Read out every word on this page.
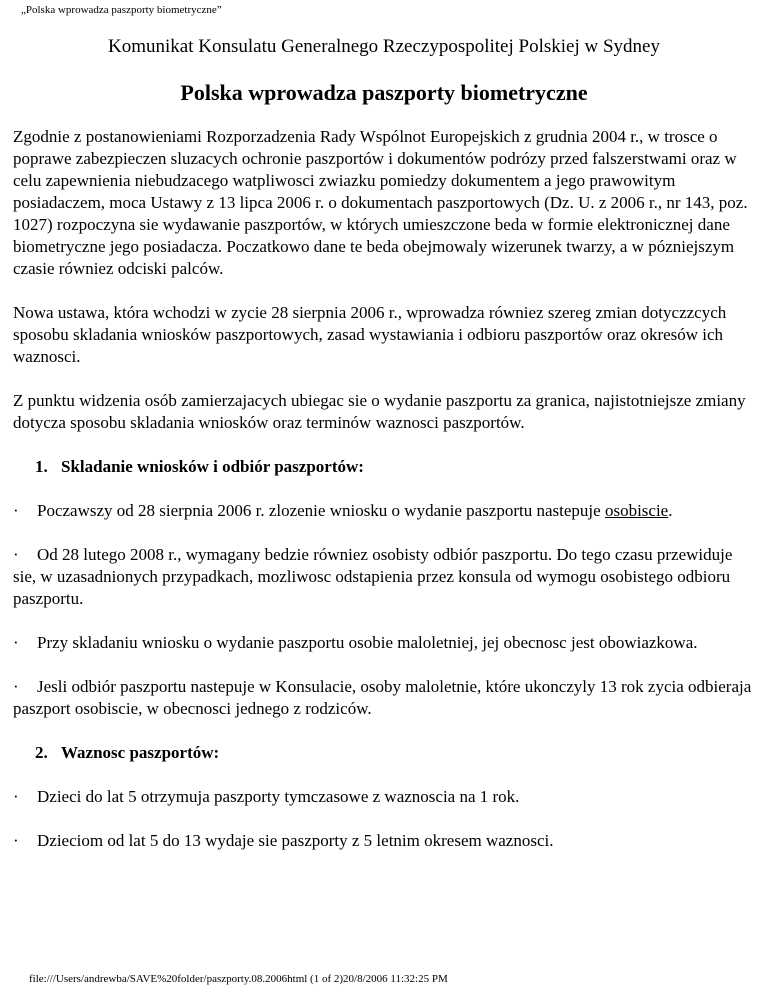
„Polska wprowadza paszporty biometryczne”
Komunikat Konsulatu Generalnego Rzeczypospolitej Polskiej w Sydney
Polska wprowadza paszporty biometryczne

Zgodnie z postanowieniami Rozporzadzenia Rady Wspólnot Europejskich z grudnia 2004 r., w trosce o poprawe zabezpieczen sluzacych ochronie paszportów i dokumentów podrózy przed falszerstwami oraz w celu zapewnienia niebudzacego watpliwosci zwiazku pomiedzy dokumentem a jego prawowitym posiadaczem, moca Ustawy z 13 lipca 2006 r. o dokumentach paszportowych (Dz. U. z 2006 r., nr 143, poz. 1027) rozpoczyna sie wydawanie paszportów, w których umieszczone beda w formie elektronicznej dane biometryczne jego posiadacza. Poczatkowo dane te beda obejmowaly wizerunek twarzy, a w pózniejszym czasie równiez odciski palców.

Nowa ustawa, która wchodzi w zycie 28 sierpnia 2006 r., wprowadza równiez szereg zmian dotyczzcych sposobu skladania wniosków paszportowych, zasad wystawiania i odbioru paszportów oraz okresów ich waznosci.

Z punktu widzenia osób zamierzajacych ubiegac sie o wydanie paszportu za granica, najistotniejsze zmiany dotycza sposobu skladania wniosków oraz terminów waznosci paszportów.

1. Skladanie wniosków i odbiór paszportów:

· Poczawszy od 28 sierpnia 2006 r. zlozenie wniosku o wydanie paszportu nastepuje osobiscie.

· Od 28 lutego 2008 r., wymagany bedzie równiez osobisty odbiór paszportu. Do tego czasu przewiduje sie, w uzasadnionych przypadkach, mozliwosc odstapienia przez konsula od wymogu osobistego odbioru paszportu.

· Przy skladaniu wniosku o wydanie paszportu osobie maloletniej, jej obecnosc jest obowiazkowa.

· Jesli odbiór paszportu nastepuje w Konsulacie, osoby maloletnie, które ukonczyly 13 rok zycia odbieraja paszport osobiscie, w obecnosci jednego z rodziców.

2. Waznosc paszportów:

· Dzieci do lat 5 otrzymuja paszporty tymczasowe z waznoscia na 1 rok.

· Dzieciom od lat 5 do 13 wydaje sie paszporty z 5 letnim okresem waznosci.

file:///Users/andrewba/SAVE%20folder/paszporty.08.2006html (1 of 2)20/8/2006 11:32:25 PM
